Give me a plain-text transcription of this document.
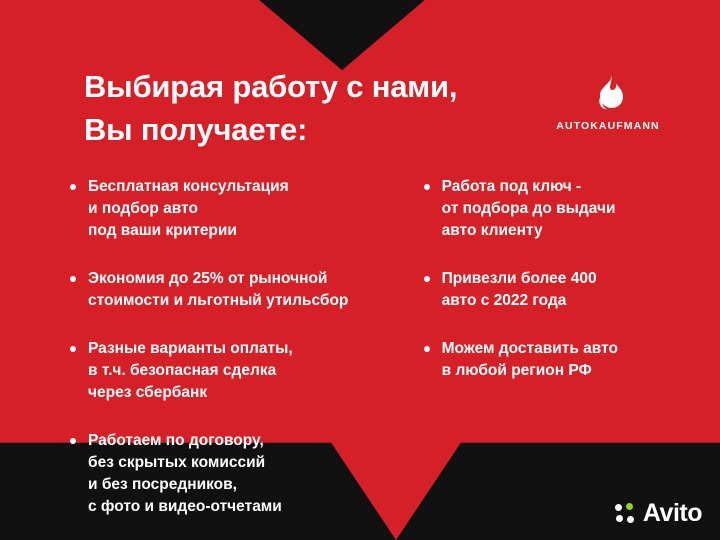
Выбирая работу с нами,
Вы получаете:	AUTOKAUFMANN
Бесплатная консультация
и подбор авто
под ваши критерии
Экономия до 25% от рыночной
стоимости и льготный утильсбор
Разные варианты оплаты,
в т.ч. безопасная сделка
через сбербанк
Работаем по договору,
без скрытых комиссий
и без посредников,
с фото и видео-отчетами
Работа под ключ -
от подбора до выдачи
авто клиенту
Привезли более 400
авто с 2022 года
Можем доставить авто
в любой регион РФ
Avito
